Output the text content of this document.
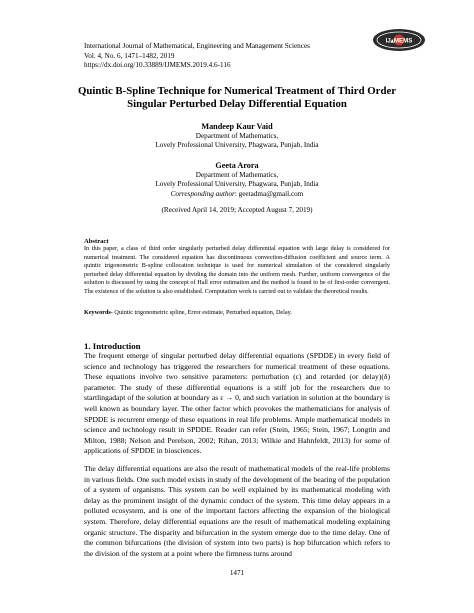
International Journal of Mathematical, Engineering and Management Sciences
Vol. 4, No. 6, 1471–1482, 2019
https://dx.doi.org/10.33889/IJMEMS.2019.4.6-116
IJ▴MEMS
Quintic B-Spline Technique for Numerical Treatment of Third Order
Singular Perturbed Delay Differential Equation
Mandeep Kaur Vaid
Department of Mathematics,
Lovely Professional University, Phagwara, Punjab, India
Geeta Arora
Department of Mathematics,
Lovely Professional University, Phagwara, Punjab, India
Corresponding author: geetadma@gmail.com
(Received April 14, 2019; Accepted August 7, 2019)
Abstract
In this paper, a class of third order singularly perturbed delay differential equation with large delay is considered for numerical treatment. The considered equation has discontinuous convection-diffusion coefficient and source term. A quintic trigonometric B-spline collocation technique is used for numerical simulation of the considered singularly perturbed delay differential equation by dividing the domain into the uniform mesh. Further, uniform convergence of the solution is discussed by using the concept of Hall error estimation and the method is found to be of first-order convergent. The existence of the solution is also established. Computation work is carried out to validate the theoretical results.
Keywords- Quintic trigonometric spline, Error estimate, Perturbed equation, Delay.
1. Introduction
The frequent emerge of singular perturbed delay differential equations (SPDDE) in every field of science and technology has triggered the researchers for numerical treatment of these equations. These equations involve two sensitive parameters: perturbation (ε) and retarded (or delay)(δ) parameter. The study of these differential equations is a stiff job for the researchers due to startlingadapt of the solution at boundary as ε → 0, and such variation in solution at the boundary is well known as boundary layer. The other factor which provokes the mathematicians for analysis of SPDDE is recurrent emerge of these equations in real life problems. Ample mathematical models in science and technology result in SPDDE. Reader can refer (Stein, 1965; Stein, 1967; Longtin and Milton, 1988; Nelson and Perelson, 2002; Rihan, 2013; Wilkie and Hahnfeldt, 2013) for some of applications of SPDDE in biosciences.
The delay differential equations are also the result of mathematical models of the real-life problems in various fields. One such model exists in study of the development of the bearing of the population of a system of organisms. This system can be well explained by its mathematical modeling with delay as the prominent insight of the dynamic conduct of the system. This time delay appears in a polluted ecosystem, and is one of the important factors affecting the expansion of the biological system. Therefore, delay differential equations are the result of mathematical modeling explaining organic structure. The disparity and bifurcation in the system emerge due to the time delay. One of the common bifurcations (the division of system into two parts) is hop bifurcation which refers to the division of the system at a point where the firmness turns around
1471
